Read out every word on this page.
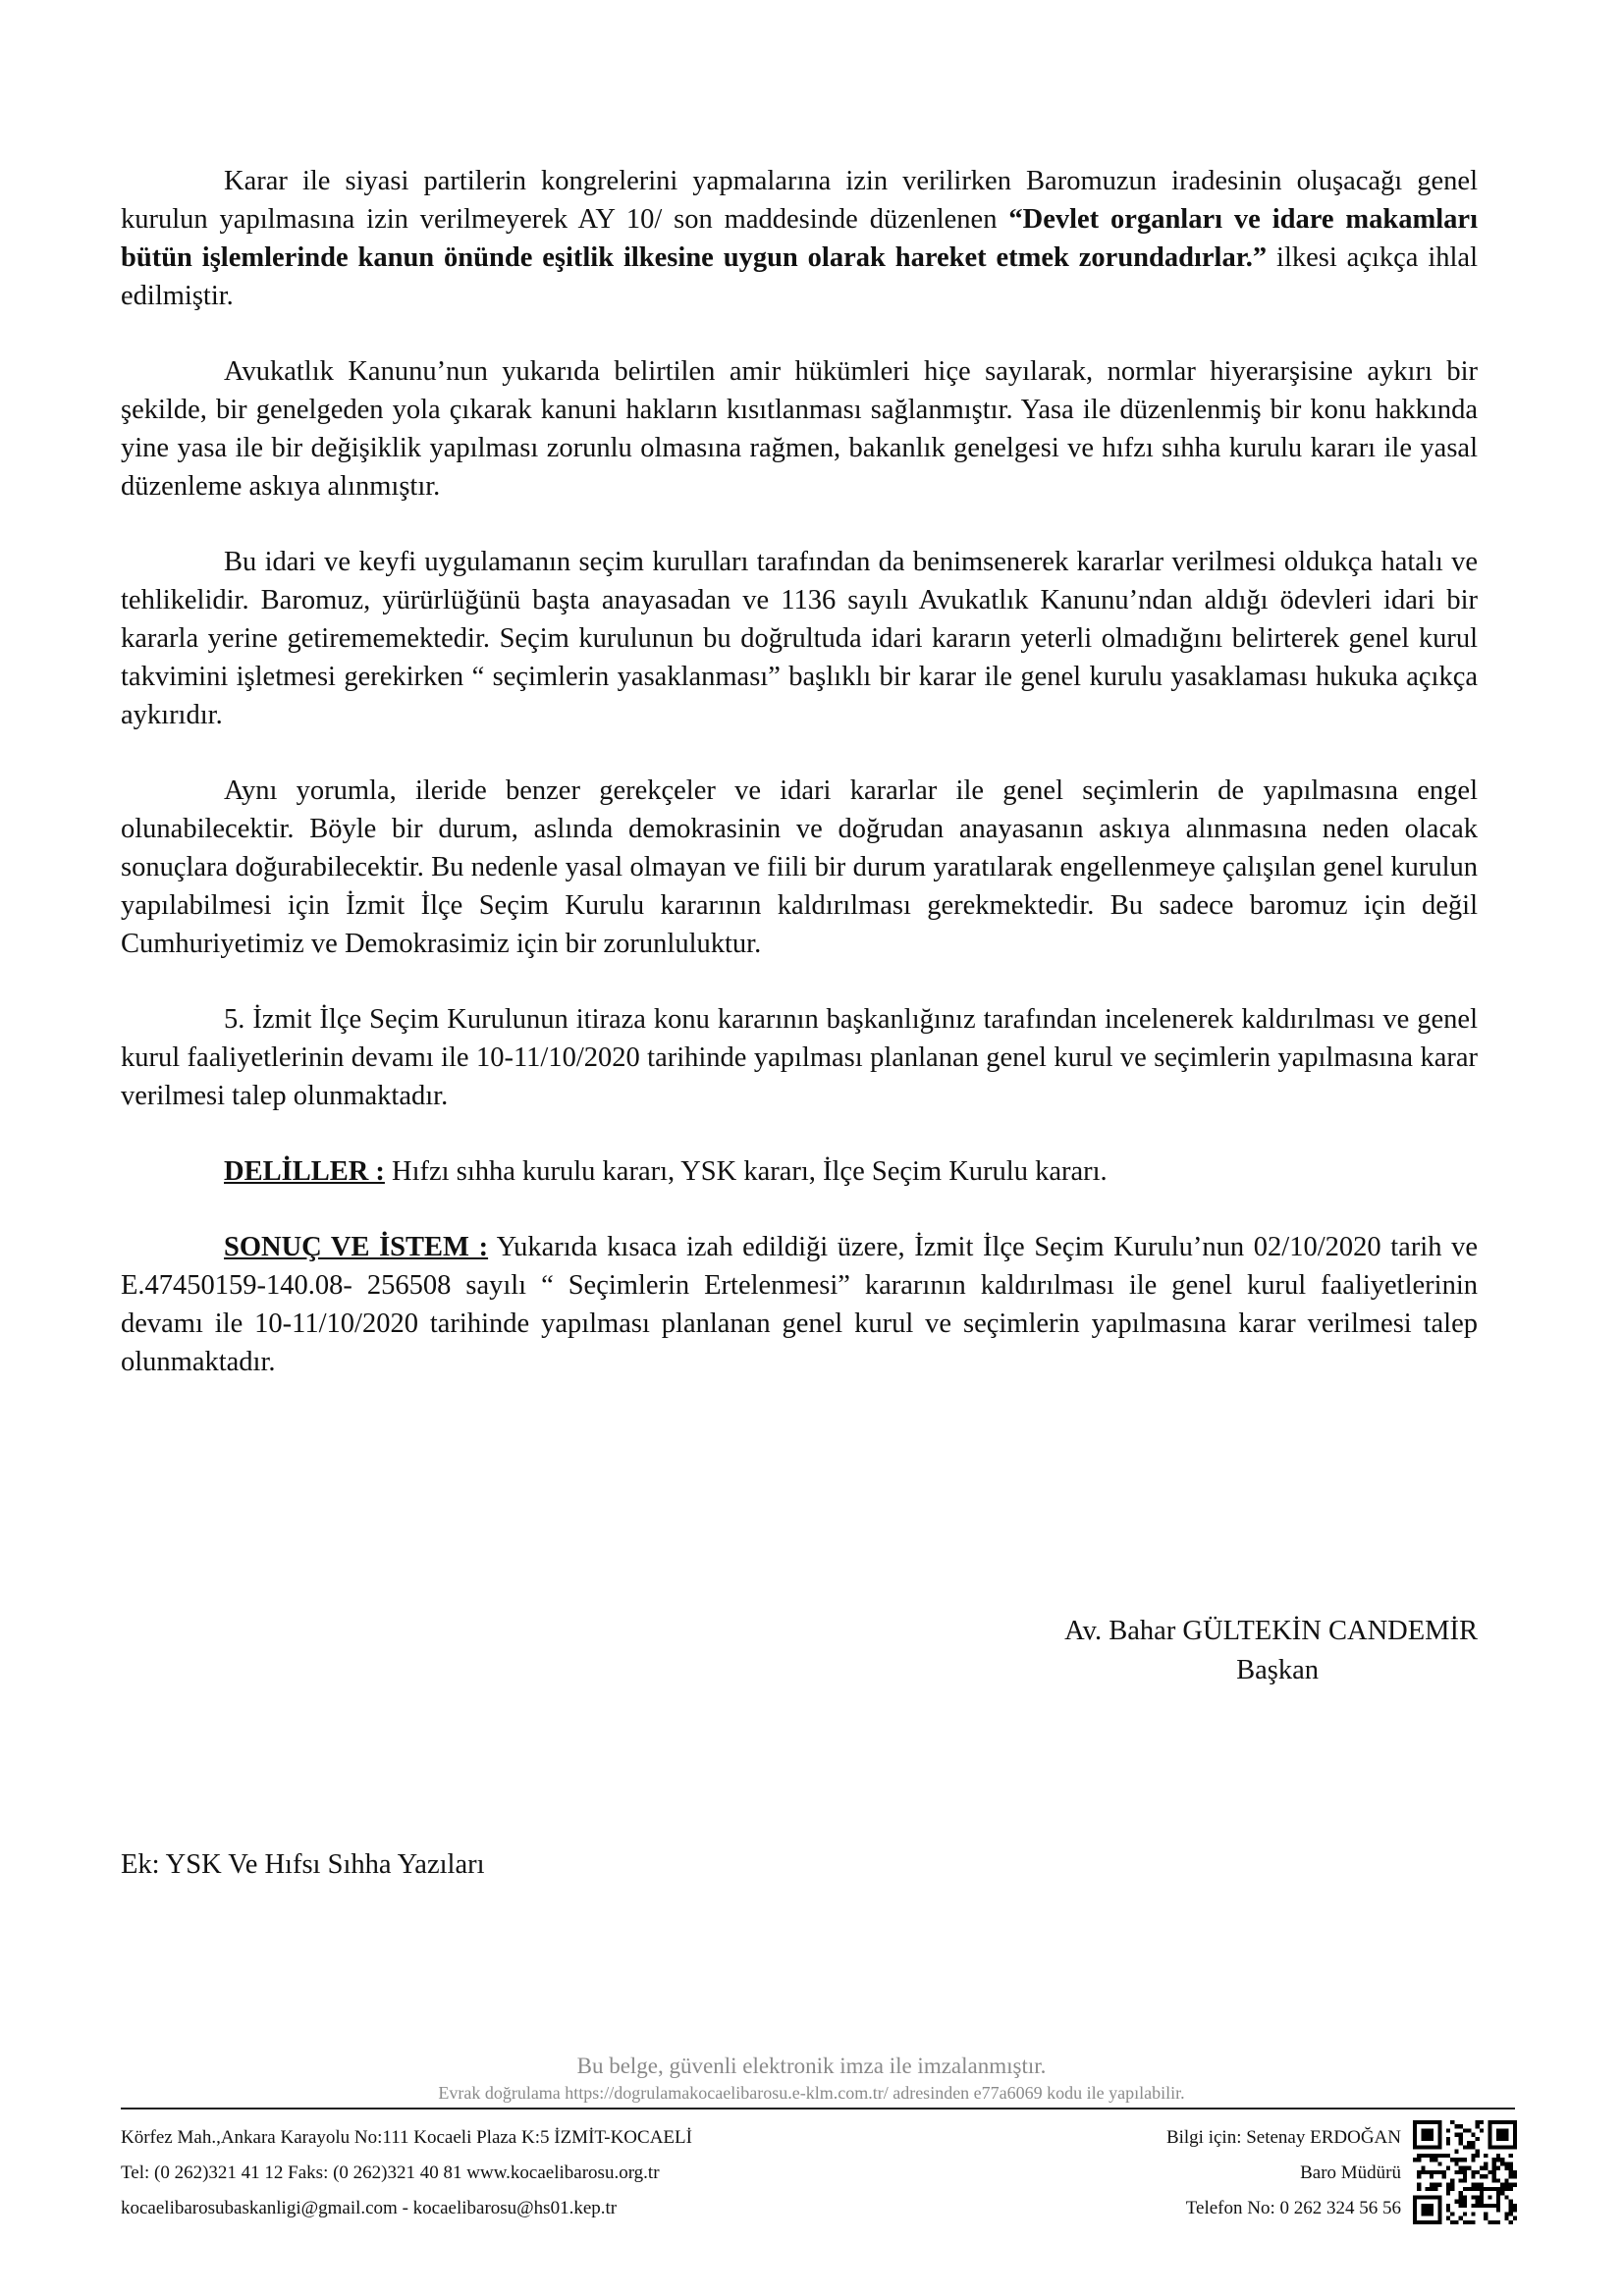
Karar ile siyasi partilerin kongrelerini yapmalarına izin verilirken Baromuzun iradesinin oluşacağı genel kurulun yapılmasına izin verilmeyerek AY 10/ son maddesinde düzenlenen “Devlet organları ve idare makamları bütün işlemlerinde kanun önünde eşitlik ilkesine uygun olarak hareket etmek zorundadırlar.” ilkesi açıkça ihlal edilmiştir.

Avukatlık Kanunu’nun yukarıda belirtilen amir hükümleri hiçe sayılarak, normlar hiyerarşisine aykırı bir şekilde, bir genelgeden yola çıkarak kanuni hakların kısıtlanması sağlanmıştır. Yasa ile düzenlenmiş bir konu hakkında yine yasa ile bir değişiklik yapılması zorunlu olmasına rağmen, bakanlık genelgesi ve hıfzı sıhha kurulu kararı ile yasal düzenleme askıya alınmıştır.

Bu idari ve keyfi uygulamanın seçim kurulları tarafından da benimsenerek kararlar verilmesi oldukça hatalı ve tehlikelidir. Baromuz, yürürlüğünü başta anayasadan ve 1136 sayılı Avukatlık Kanunu’ndan aldığı ödevleri idari bir kararla yerine getirememektedir. Seçim kurulunun bu doğrultuda idari kararın yeterli olmadığını belirterek genel kurul takvimini işletmesi gerekirken “ seçimlerin yasaklanması” başlıklı bir karar ile genel kurulu yasaklaması hukuka açıkça aykırıdır.

Aynı yorumla, ileride benzer gerekçeler ve idari kararlar ile genel seçimlerin de yapılmasına engel olunabilecektir. Böyle bir durum, aslında demokrasinin ve doğrudan anayasanın askıya alınmasına neden olacak sonuçlara doğurabilecektir. Bu nedenle yasal olmayan ve fiili bir durum yaratılarak engellenmeye çalışılan genel kurulun yapılabilmesi için İzmit İlçe Seçim Kurulu kararının kaldırılması gerekmektedir. Bu sadece baromuz için değil Cumhuriyetimiz ve Demokrasimiz için bir zorunluluktur.

5. İzmit İlçe Seçim Kurulunun itiraza konu kararının başkanlığınız tarafından incelenerek kaldırılması ve genel kurul faaliyetlerinin devamı ile 10-11/10/2020 tarihinde yapılması planlanan genel kurul ve seçimlerin yapılmasına karar verilmesi talep olunmaktadır.

DELİLLER : Hıfzı sıhha kurulu kararı, YSK kararı, İlçe Seçim Kurulu kararı.

SONUÇ VE İSTEM : Yukarıda kısaca izah edildiği üzere, İzmit İlçe Seçim Kurulu’nun 02/10/2020 tarih ve E.47450159-140.08- 256508 sayılı “ Seçimlerin Ertelenmesi” kararının kaldırılması ile genel kurul faaliyetlerinin devamı ile 10-11/10/2020 tarihinde yapılması planlanan genel kurul ve seçimlerin yapılmasına karar verilmesi talep olunmaktadır.

Av. Bahar GÜLTEKİN CANDEMİR
Başkan
Ek: YSK Ve Hıfsı Sıhha Yazıları
Bu belge, güvenli elektronik imza ile imzalanmıştır.
Evrak doğrulama https://dogrulamakocaelibarosu.e-klm.com.tr/ adresinden e77a6069 kodu ile yapılabilir.
Körfez Mah.,Ankara Karayolu No:111 Kocaeli Plaza K:5 İZMİT-KOCAELİ
Tel: (0 262)321 41 12 Faks: (0 262)321 40 81 www.kocaelibarosu.org.tr
kocaelibarosubaskanligi@gmail.com - kocaelibarosu@hs01.kep.tr
Bilgi için: Setenay ERDOĞAN
Baro Müdürü
Telefon No: 0 262 324 56 56
